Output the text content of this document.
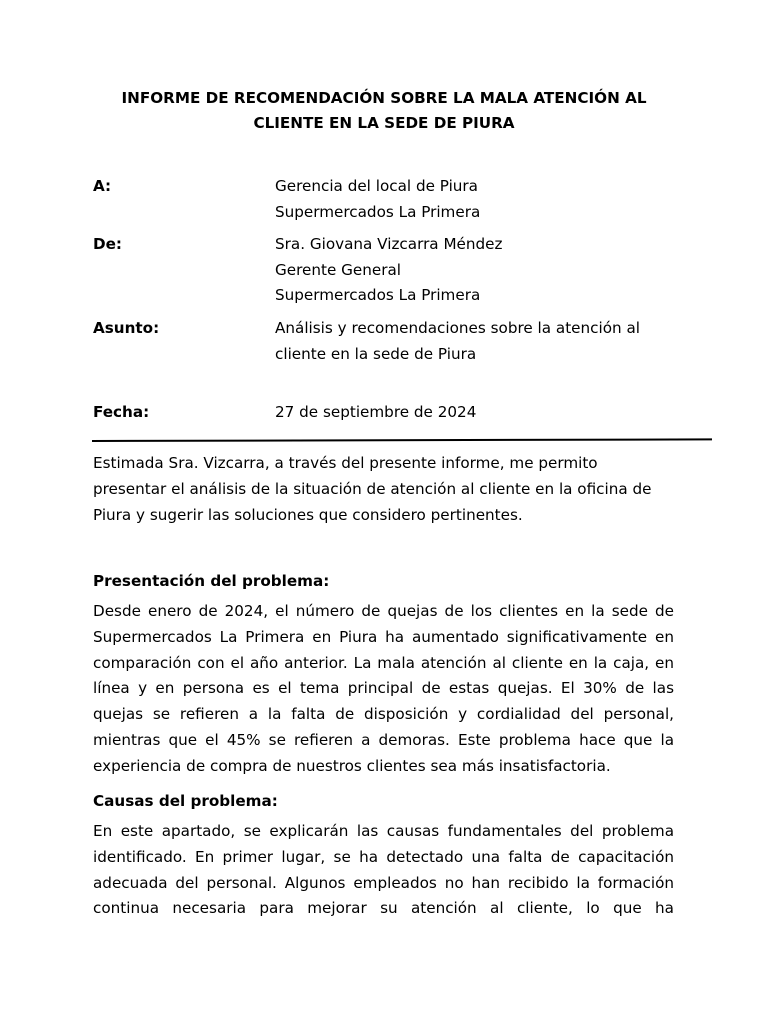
INFORME DE RECOMENDACIÓN SOBRE LA MALA ATENCIÓN AL
CLIENTE EN LA SEDE DE PIURA
A:	Gerencia del local de Piura
Supermercados La Primera
De:	Sra. Giovana Vizcarra Méndez
Gerente General
Supermercados La Primera
Asunto:	Análisis y recomendaciones sobre la atención al
cliente en la sede de Piura
Fecha:	27 de septiembre de 2024
Estimada Sra. Vizcarra, a través del presente informe, me permito
presentar el análisis de la situación de atención al cliente en la oficina de
Piura y sugerir las soluciones que considero pertinentes.
Presentación del problema:
Desde enero de 2024, el número de quejas de los clientes en la sede de
Supermercados La Primera en Piura ha aumentado significativamente en
comparación con el año anterior. La mala atención al cliente en la caja, en
línea y en persona es el tema principal de estas quejas. El 30% de las
quejas se refieren a la falta de disposición y cordialidad del personal,
mientras que el 45% se refieren a demoras. Este problema hace que la
experiencia de compra de nuestros clientes sea más insatisfactoria.
Causas del problema:
En este apartado, se explicarán las causas fundamentales del problema
identificado. En primer lugar, se ha detectado una falta de capacitación
adecuada del personal. Algunos empleados no han recibido la formación
continua necesaria para mejorar su atención al cliente, lo que ha
